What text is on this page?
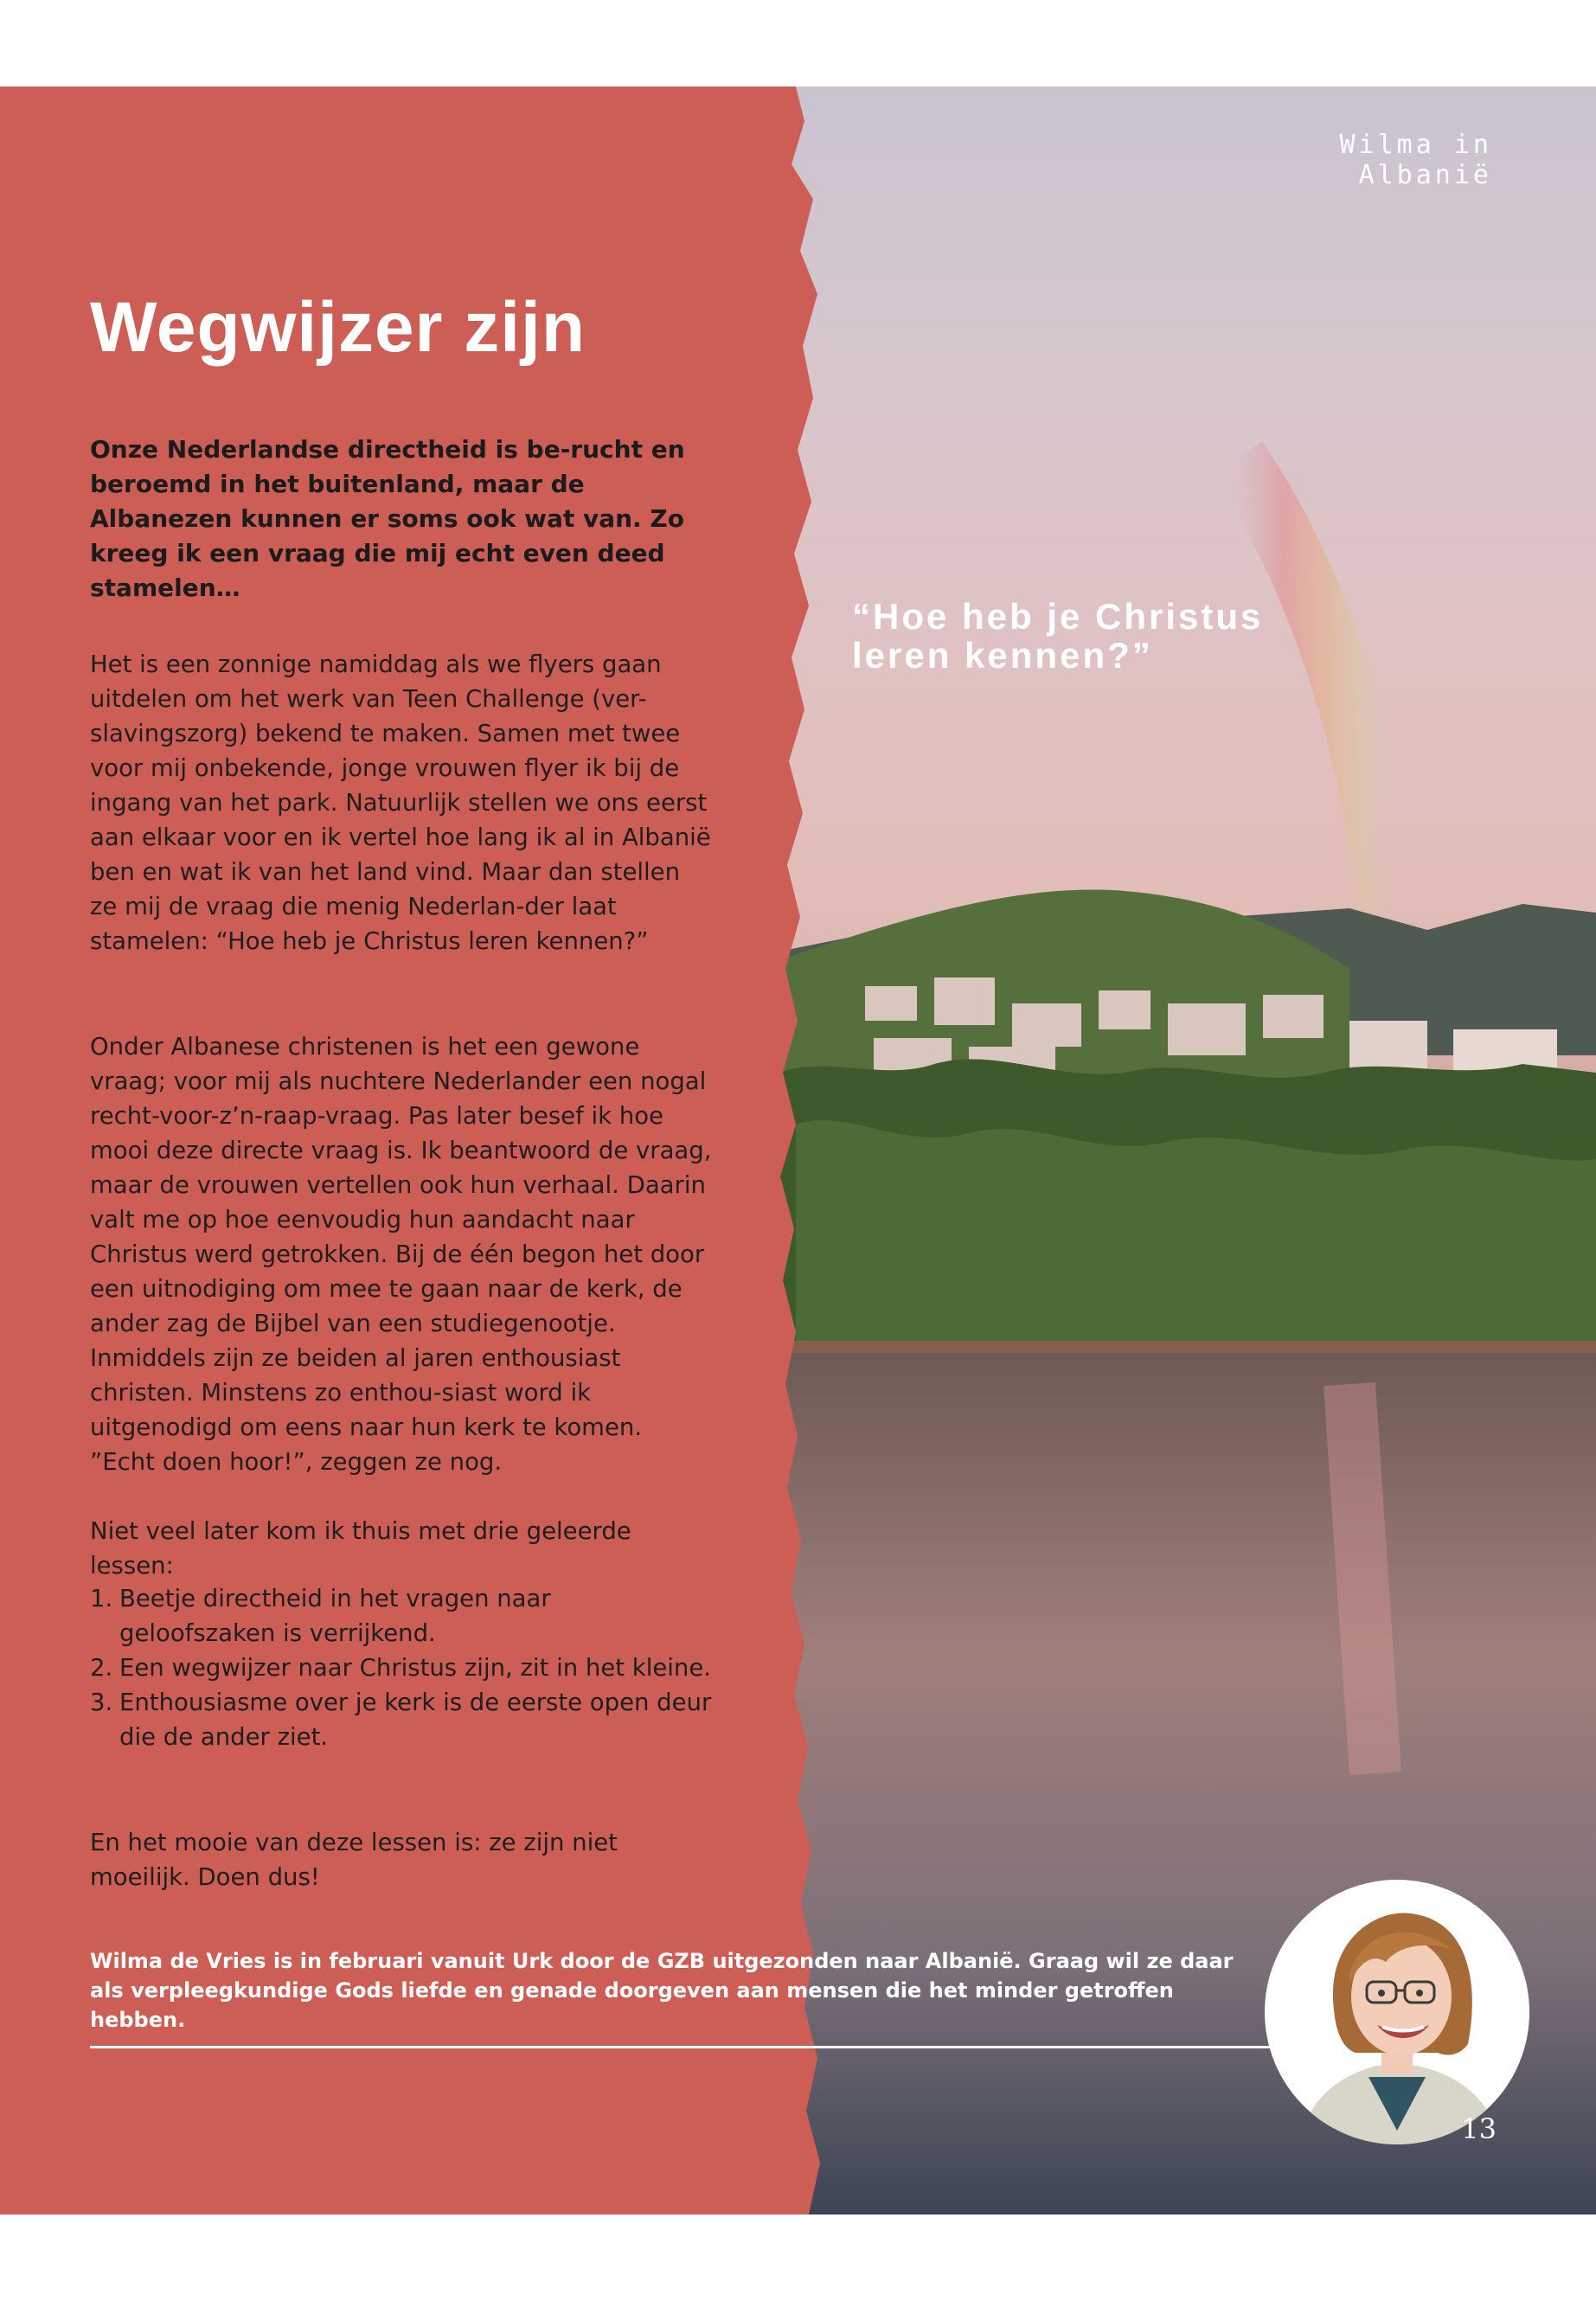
Wilma in Albanië
Wegwijzer zijn

Onze Nederlandse directheid is be-rucht en beroemd in het buitenland, maar de Albanezen kunnen er soms ook wat van. Zo kreeg ik een vraag die mij echt even deed stamelen…

Het is een zonnige namiddag als we flyers gaan uitdelen om het werk van Teen Challenge (ver-slavingszorg) bekend te maken. Samen met twee voor mij onbekende, jonge vrouwen flyer ik bij de ingang van het park. Natuurlijk stellen we ons eerst aan elkaar voor en ik vertel hoe lang ik al in Albanië ben en wat ik van het land vind. Maar dan stellen ze mij de vraag die menig Nederlan-der laat stamelen: “Hoe heb je Christus leren kennen?”

Onder Albanese christenen is het een gewone vraag; voor mij als nuchtere Nederlander een nogal recht-voor-z’n-raap-vraag. Pas later besef ik hoe mooi deze directe vraag is. Ik beantwoord de vraag, maar de vrouwen vertellen ook hun verhaal. Daarin valt me op hoe eenvoudig hun aandacht naar Christus werd getrokken. Bij de één begon het door een uitnodiging om mee te gaan naar de kerk, de ander zag de Bijbel van een studiegenootje. Inmiddels zijn ze beiden al jaren enthousiast christen. Minstens zo enthou-siast word ik uitgenodigd om eens naar hun kerk te komen. ”Echt doen hoor!”, zeggen ze nog.

Niet veel later kom ik thuis met drie geleerde lessen:

1. Beetje directheid in het vragen naar geloofszaken is verrijkend.
2. Een wegwijzer naar Christus zijn, zit in het kleine.
3. Enthousiasme over je kerk is de eerste open deur die de ander ziet.

En het mooie van deze lessen is: ze zijn niet moeilijk. Doen dus!

“Hoe heb je Christus leren kennen?”

Wilma de Vries is in februari vanuit Urk door de GZB uitgezonden naar Albanië. Graag wil ze daar als verpleegkundige Gods liefde en genade doorgeven aan mensen die het minder getroffen hebben.

13
